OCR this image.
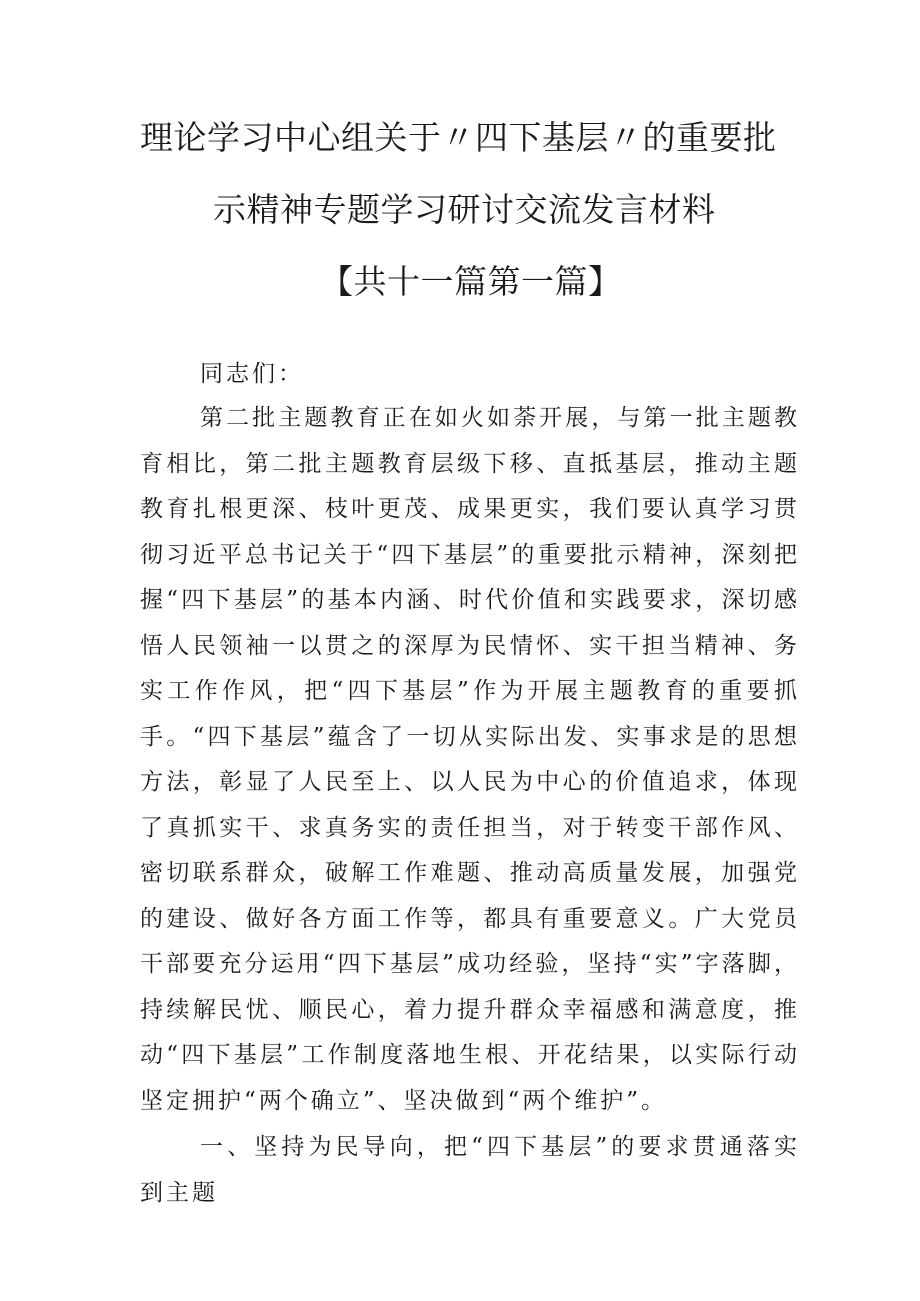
理论学习中心组关于〃四下基层〃的重要批
示精神专题学习研讨交流发言材料
【共十一篇第一篇】
同志们：

第二批主题教育正在如火如荼开展，与第一批主题教育相比，第二批主题教育层级下移、直抵基层，推动主题教育扎根更深、枝叶更茂、成果更实，我们要认真学习贯彻习近平总书记关于“四下基层”的重要批示精神，深刻把握“四下基层”的基本内涵、时代价值和实践要求，深切感悟人民领袖一以贯之的深厚为民情怀、实干担当精神、务实工作作风，把“四下基层”作为开展主题教育的重要抓手。“四下基层”蕴含了一切从实际出发、实事求是的思想方法，彰显了人民至上、以人民为中心的价值追求，体现了真抓实干、求真务实的责任担当，对于转变干部作风、密切联系群众，破解工作难题、推动高质量发展，加强党的建设、做好各方面工作等，都具有重要意义。广大党员干部要充分运用“四下基层”成功经验，坚持“实”字落脚，持续解民忧、顺民心，着力提升群众幸福感和满意度，推动“四下基层”工作制度落地生根、开花结果，以实际行动坚定拥护“两个确立”、坚决做到“两个维护”。

一、坚持为民导向，把“四下基层”的要求贯通落实到主题
